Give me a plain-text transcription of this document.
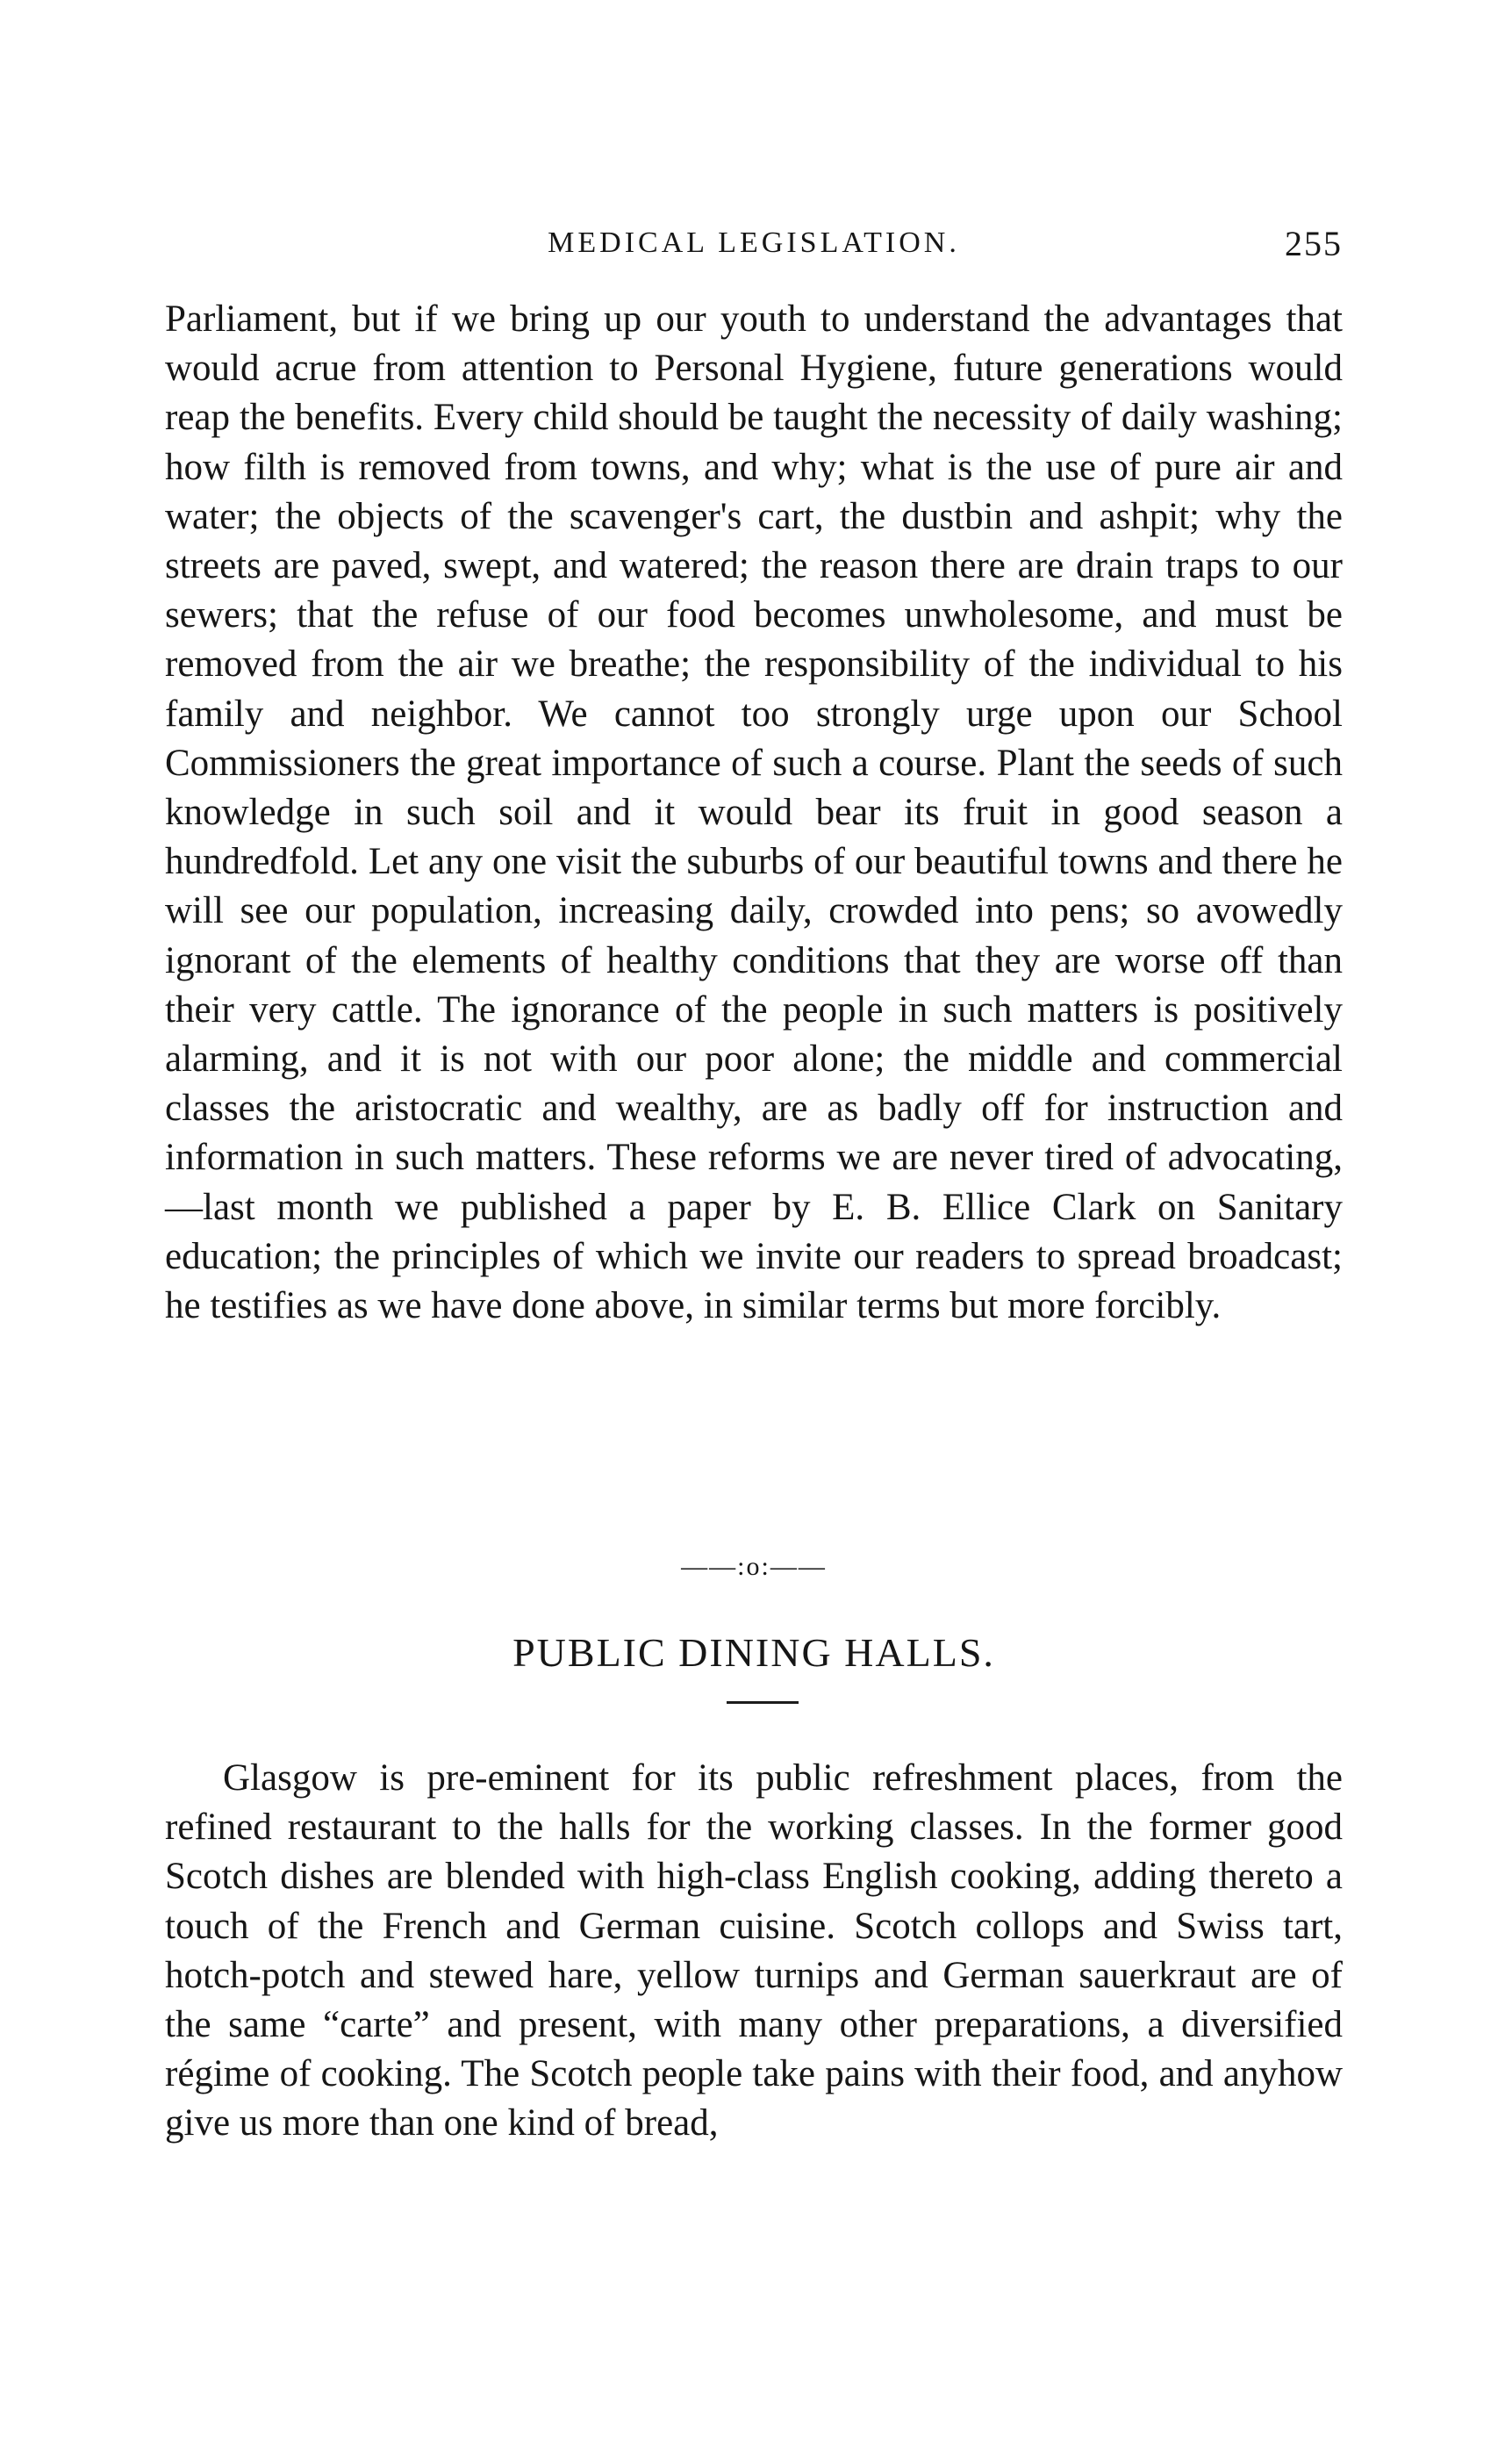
MEDICAL LEGISLATION.	255

Parliament, but if we bring up our youth to understand the advantages that would acrue from attention to Personal Hygiene, future generations would reap the benefits. Every child should be taught the necessity of daily washing; how filth is removed from towns, and why; what is the use of pure air and water; the objects of the scavenger's cart, the dustbin and ashpit; why the streets are paved, swept, and watered; the reason there are drain traps to our sewers; that the refuse of our food becomes unwholesome, and must be removed from the air we breathe; the responsibility of the individual to his family and neighbor. We cannot too strongly urge upon our School Commissioners the great importance of such a course. Plant the seeds of such knowledge in such soil and it would bear its fruit in good season a hundredfold. Let any one visit the suburbs of our beautiful towns and there he will see our population, increasing daily, crowded into pens; so avowedly ignorant of the elements of healthy conditions that they are worse off than their very cattle. The ignorance of the people in such matters is positively alarming, and it is not with our poor alone; the middle and commercial classes the aristocratic and wealthy, are as badly off for instruction and information in such matters. These reforms we are never tired of advocating,—last month we published a paper by E. B. Ellice Clark on Sanitary education; the principles of which we invite our readers to spread broadcast; he testifies as we have done above, in similar terms but more forcibly.

——:o:——
PUBLIC DINING HALLS.

Glasgow is pre-eminent for its public refreshment places, from the refined restaurant to the halls for the working classes. In the former good Scotch dishes are blended with high-class English cooking, adding thereto a touch of the French and German cuisine. Scotch collops and Swiss tart, hotch-potch and stewed hare, yellow turnips and German sauerkraut are of the same “carte” and present, with many other preparations, a diversified régime of cooking. The Scotch people take pains with their food, and anyhow give us more than one kind of bread,
